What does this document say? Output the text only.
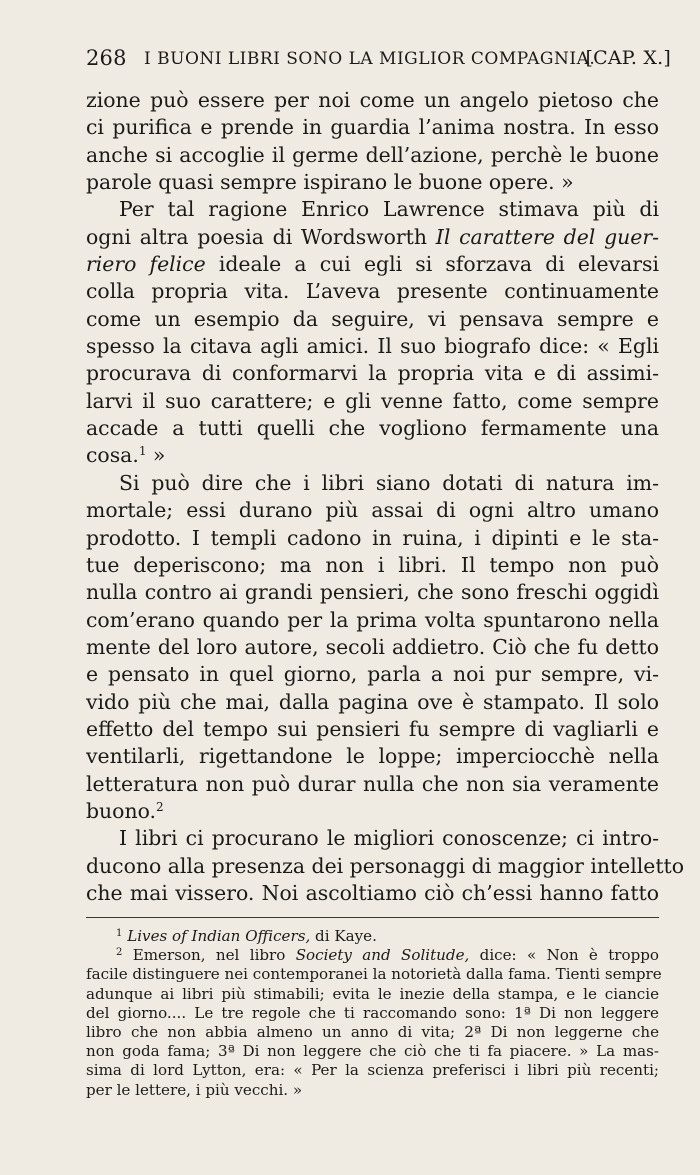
268 I BUONI LIBRI SONO LA MIGLIOR COMPAGNIA.
[CAP. X.]
zione può essere per noi come un angelo pietoso che
ci purifica e prende in guardia l’anima nostra. In esso
anche si accoglie il germe dell’azione, perchè le buone
parole quasi sempre ispirano le buone opere. »
Per tal ragione Enrico Lawrence stimava più di
ogni altra poesia di Wordsworth Il carattere del guer-
riero felice ideale a cui egli si sforzava di elevarsi
colla propria vita. L’aveva presente continuamente
come un esempio da seguire, vi pensava sempre e
spesso la citava agli amici. Il suo biografo dice: « Egli
procurava di conformarvi la propria vita e di assimi-
larvi il suo carattere; e gli venne fatto, come sempre
accade a tutti quelli che vogliono fermamente una
cosa.$^1$ »
Si può dire che i libri siano dotati di natura im-
mortale; essi durano più assai di ogni altro umano
prodotto. I templi cadono in ruina, i dipinti e le sta-
tue deperiscono; ma non i libri. Il tempo non può
nulla contro ai grandi pensieri, che sono freschi oggidì
com’erano quando per la prima volta spuntarono nella
mente del loro autore, secoli addietro. Ciò che fu detto
e pensato in quel giorno, parla a noi pur sempre, vi-
vido più che mai, dalla pagina ove è stampato. Il solo
effetto del tempo sui pensieri fu sempre di vagliarli e
ventilarli, rigettandone le loppe; imperciocchè nella
letteratura non può durar nulla che non sia veramente
buono.$^2$
I libri ci procurano le migliori conoscenze; ci intro-
ducono alla presenza dei personaggi di maggior intelletto
che mai vissero. Noi ascoltiamo ciò ch’essi hanno fatto
$^1$ Lives of Indian Officers, di Kaye.
$^2$ Emerson, nel libro Society and Solitude, dice: « Non è troppo
facile distinguere nei contemporanei la notorietà dalla fama. Tienti sempre
adunque ai libri più stimabili; evita le inezie della stampa, e le ciancie
del giorno.... Le tre regole che ti raccomando sono: 1ª Di non leggere
libro che non abbia almeno un anno di vita; 2ª Di non leggerne che
non goda fama; 3ª Di non leggere che ciò che ti fa piacere. » La mas-
sima di lord Lytton, era: « Per la scienza preferisci i libri più recenti;
per le lettere, i più vecchi. »
